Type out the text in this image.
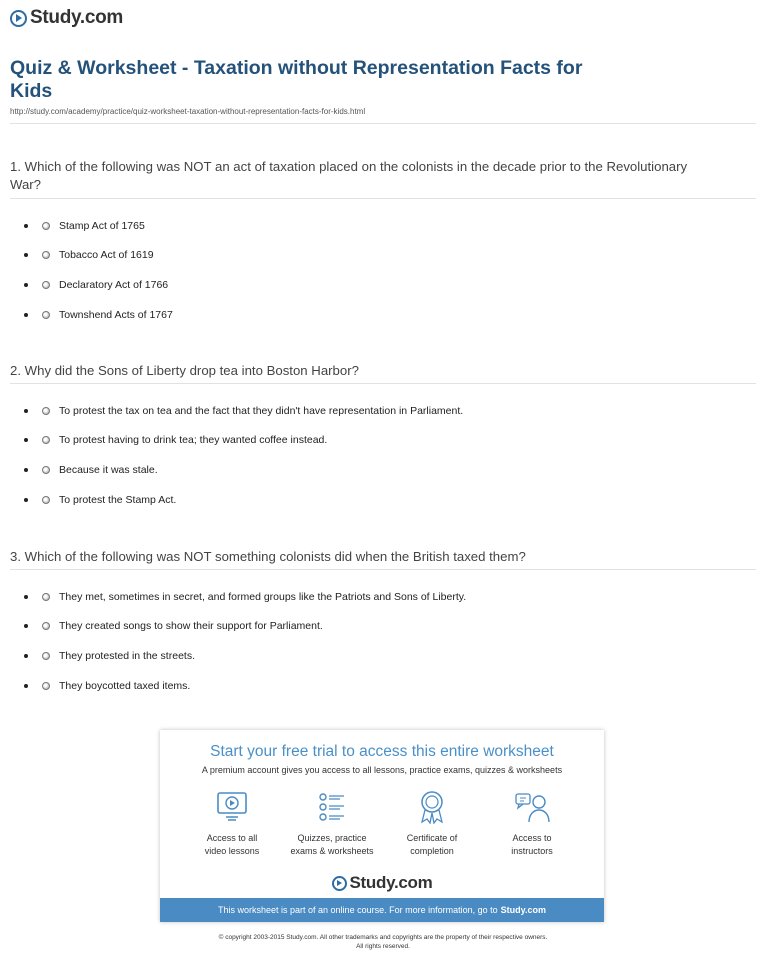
Study.com
Quiz & Worksheet - Taxation without Representation Facts for Kids
http://study.com/academy/practice/quiz-worksheet-taxation-without-representation-facts-for-kids.html
1. Which of the following was NOT an act of taxation placed on the colonists in the decade prior to the Revolutionary War?
Stamp Act of 1765
Tobacco Act of 1619
Declaratory Act of 1766
Townshend Acts of 1767
2. Why did the Sons of Liberty drop tea into Boston Harbor?
To protest the tax on tea and the fact that they didn't have representation in Parliament.
To protest having to drink tea; they wanted coffee instead.
Because it was stale.
To protest the Stamp Act.
3. Which of the following was NOT something colonists did when the British taxed them?
They met, sometimes in secret, and formed groups like the Patriots and Sons of Liberty.
They created songs to show their support for Parliament.
They protested in the streets.
They boycotted taxed items.
Start your free trial to access this entire worksheet
A premium account gives you access to all lessons, practice exams, quizzes & worksheets
Access to all
video lessons
Quizzes, practice
exams & worksheets
Certificate of
completion
Access to
instructors
Study.com
This worksheet is part of an online course. For more information, go to Study.com
© copyright 2003-2015 Study.com. All other trademarks and copyrights are the property of their respective owners.
All rights reserved.
